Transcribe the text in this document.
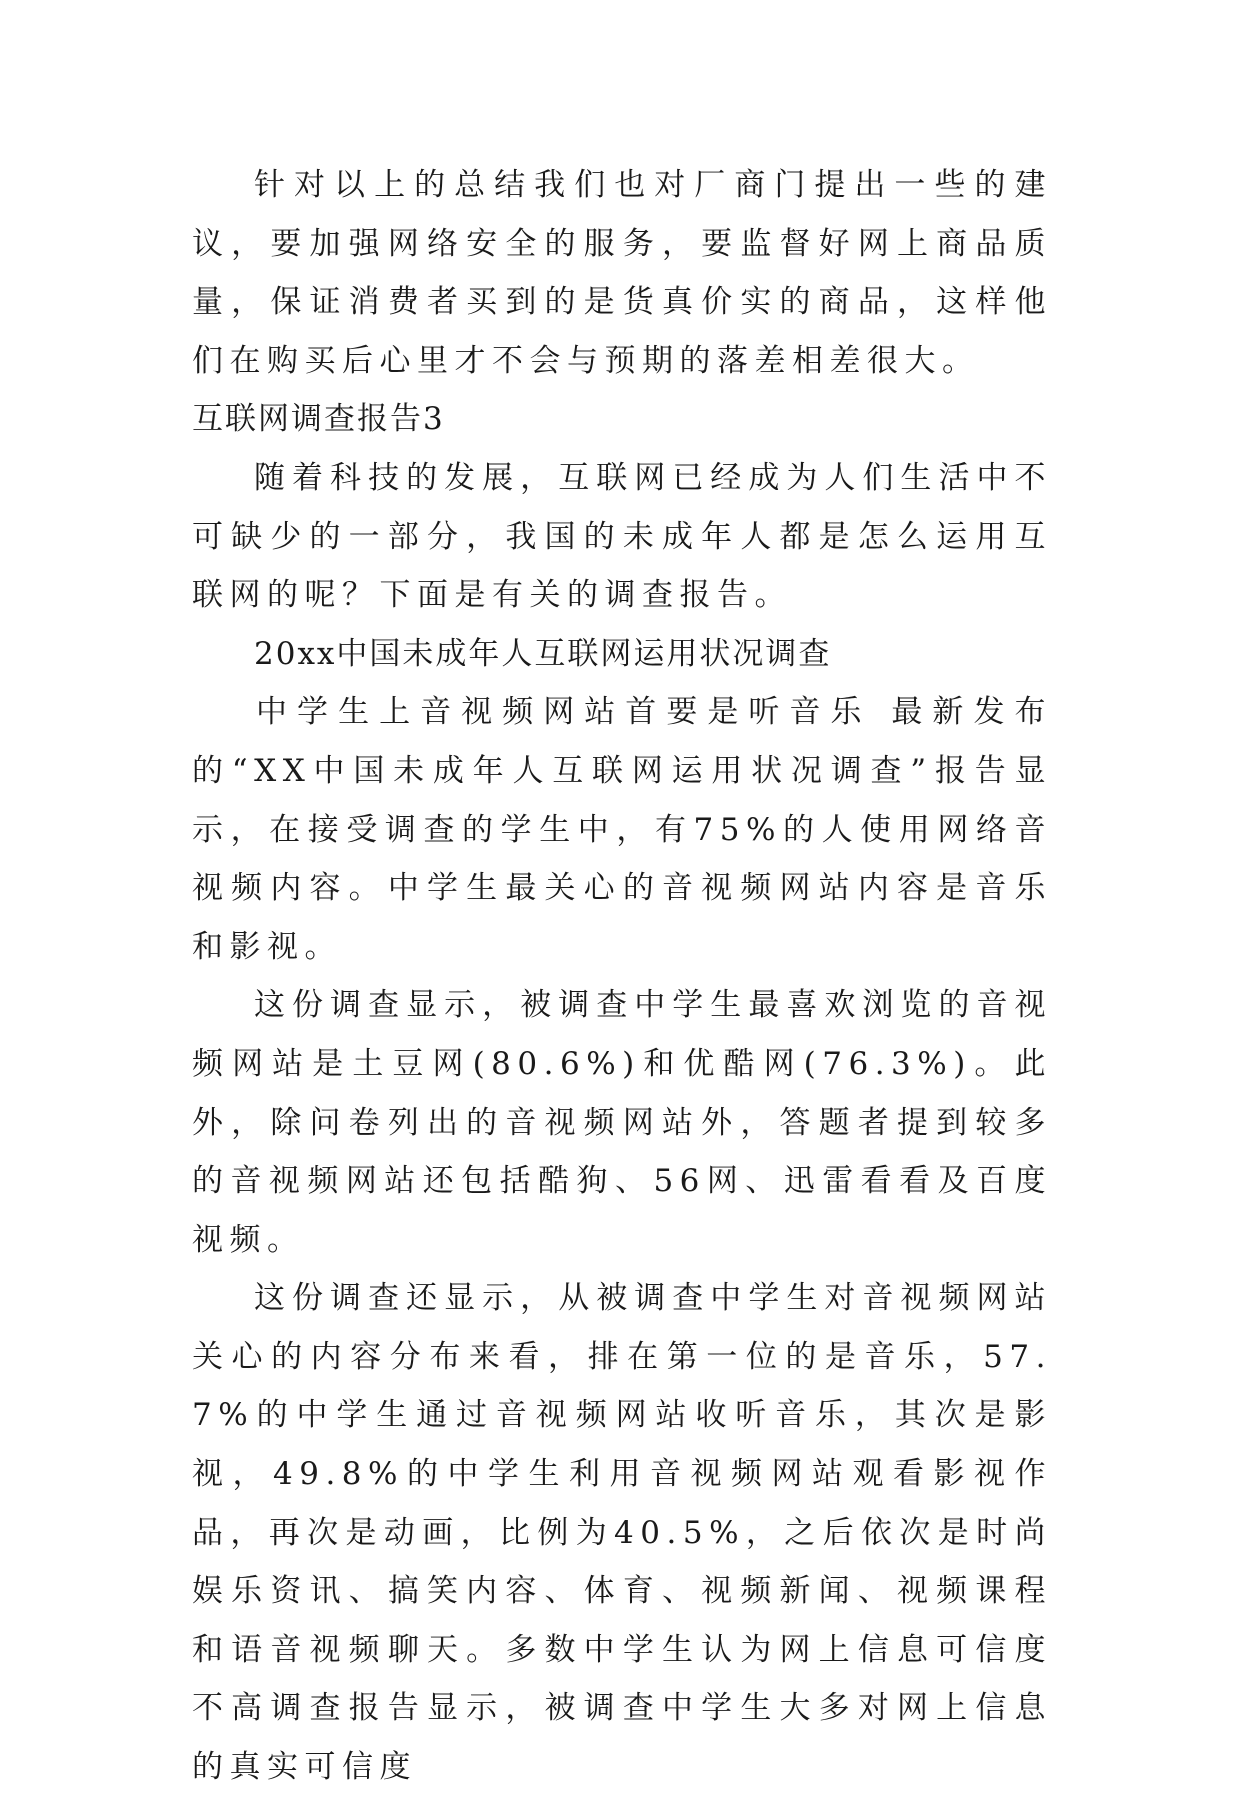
针对以上的总结我们也对厂商门提出一些的建议，要加强网络安全的服务，要监督好网上商品质量，保证消费者买到的是货真价实的商品，这样他们在购买后心里才不会与预期的落差相差很大。

互联网调查报告3

随着科技的发展，互联网已经成为人们生活中不可缺少的一部分，我国的未成年人都是怎么运用互联网的呢？下面是有关的调查报告。

20xx中国未成年人互联网运用状况调查

中学生上音视频网站首要是听音乐 最新发布的“XX中国未成年人互联网运用状况调查”报告显示，在接受调查的学生中，有75%的人使用网络音视频内容。中学生最关心的音视频网站内容是音乐和影视。

这份调查显示，被调查中学生最喜欢浏览的音视频网站是土豆网(80.6%)和优酷网(76.3%)。此外，除问卷列出的音视频网站外，答题者提到较多的音视频网站还包括酷狗、56网、迅雷看看及百度视频。

这份调查还显示，从被调查中学生对音视频网站关心的内容分布来看，排在第一位的是音乐，57.7%的中学生通过音视频网站收听音乐，其次是影视，49.8%的中学生利用音视频网站观看影视作品，再次是动画，比例为40.5%，之后依次是时尚娱乐资讯、搞笑内容、体育、视频新闻、视频课程和语音视频聊天。多数中学生认为网上信息可信度不高调查报告显示，被调查中学生大多对网上信息的真实可信度
